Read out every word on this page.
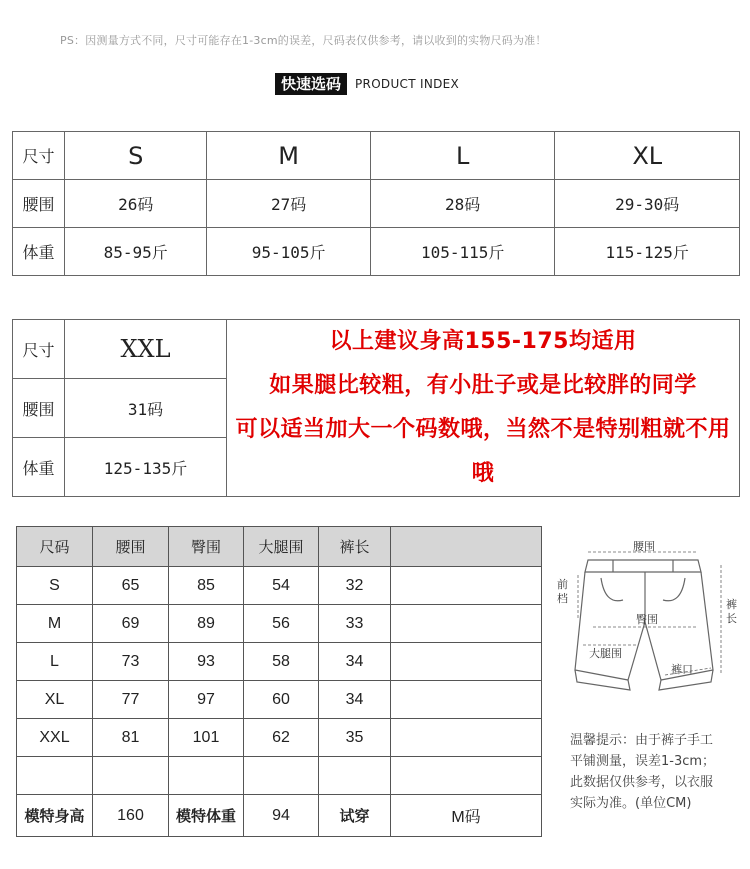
PS：因测量方式不同，尺寸可能存在1-3cm的误差，尺码表仅供参考，请以收到的实物尺码为准！
快速选码	PRODUCT INDEX
尺寸	S	M	L	XL
腰围	26码	27码	28码	29-30码
体重	85-95斤	95-105斤	105-115斤	115-125斤
尺寸	XXL	以上建议身高155-175均适用
如果腿比较粗，有小肚子或是比较胖的同学
可以适当加大一个码数哦，当然不是特别粗就不用哦

腰围	31码	
体重	125-135斤	
尺码	腰围	臀围	大腿围	裤长	
S	65	85	54	32	
M	69	89	56	33	
L	73	93	58	34	
XL	77	97	60	34	
XXL	81	101	62	35	

模特身高	160	模特体重	94	试穿	M码
腰围
前
档
臀围
大腿围
裤口
裤
长
温馨提示：由于裤子手工
平铺测量，误差1-3cm；
此数据仅供参考，以衣服
实际为准。(单位CM)
